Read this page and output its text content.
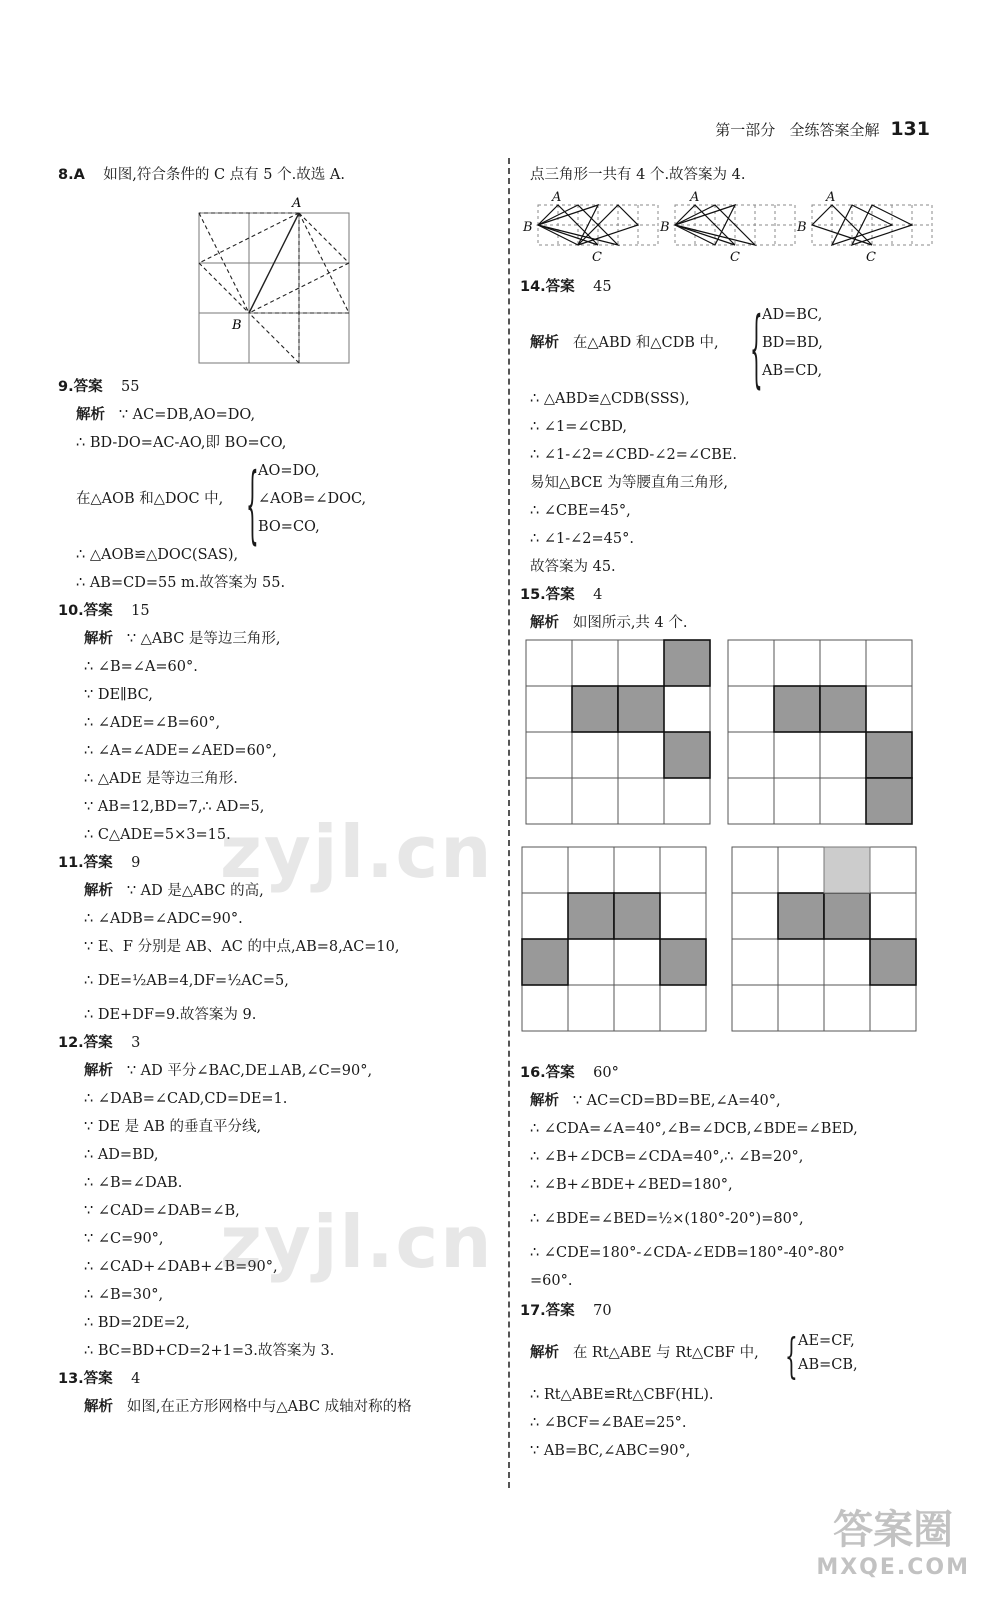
第一部分 全练答案全解 131
8.A 如图,符合条件的 C 点有 5 个.故选 A.
A
B
9.答案 55
解析 ∵ AC=DB,AO=DO,
∴ BD-DO=AC-AO,即 BO=CO,
在△AOB 和△DOC 中, { AO=DO,
∠AOB=∠DOC,
BO=CO,
∴ △AOB≌△DOC(SAS),
∴ AB=CD=55 m.故答案为 55.
10.答案 15
解析 ∵ △ABC 是等边三角形,
∴ ∠B=∠A=60°.
∵ DE∥BC,
∴ ∠ADE=∠B=60°,
∴ ∠A=∠ADE=∠AED=60°,
∴ △ADE 是等边三角形.
∵ AB=12,BD=7,∴ AD=5,
∴ C△ADE=5×3=15.
11.答案 9
解析 ∵ AD 是△ABC 的高,
∴ ∠ADB=∠ADC=90°.
∵ E、F 分别是 AB、AC 的中点,AB=8,AC=10,
∴ DE=½AB=4,DF=½AC=5,
∴ DE+DF=9.故答案为 9.
12.答案 3
解析 ∵ AD 平分∠BAC,DE⊥AB,∠C=90°,
∴ ∠DAB=∠CAD,CD=DE=1.
∵ DE 是 AB 的垂直平分线,
∴ AD=BD,
∴ ∠B=∠DAB.
∵ ∠CAD=∠DAB=∠B,
∵ ∠C=90°,
∴ ∠CAD+∠DAB+∠B=90°,
∴ ∠B=30°,
∴ BD=2DE=2,
∴ BC=BD+CD=2+1=3.故答案为 3.
13.答案 4
解析 如图,在正方形网格中与△ABC 成轴对称的格
点三角形一共有 4 个.故答案为 4.
A
B
C
A
B
C
A
B
C
14.答案 45
解析 在△ABD 和△CDB 中, { AD=BC,
BD=BD,
AB=CD,
∴ △ABD≌△CDB(SSS),
∴ ∠1=∠CBD,
∴ ∠1-∠2=∠CBD-∠2=∠CBE.
易知△BCE 为等腰直角三角形,
∴ ∠CBE=45°,
∴ ∠1-∠2=45°.
故答案为 45.
15.答案 4
解析 如图所示,共 4 个.
16.答案 60°
解析 ∵ AC=CD=BD=BE,∠A=40°,
∴ ∠CDA=∠A=40°,∠B=∠DCB,∠BDE=∠BED,
∴ ∠B+∠DCB=∠CDA=40°,∴ ∠B=20°,
∴ ∠B+∠BDE+∠BED=180°,
∴ ∠BDE=∠BED=½×(180°-20°)=80°,
∴ ∠CDE=180°-∠CDA-∠EDB=180°-40°-80°
=60°.
17.答案 70
解析 在 Rt△ABE 与 Rt△CBF 中, { AE=CF,
AB=CB,
∴ Rt△ABE≌Rt△CBF(HL).
∴ ∠BCF=∠BAE=25°.
∵ AB=BC,∠ABC=90°,
zyjl.cn
zyjl.cn
答案圈
MXQE.COM
